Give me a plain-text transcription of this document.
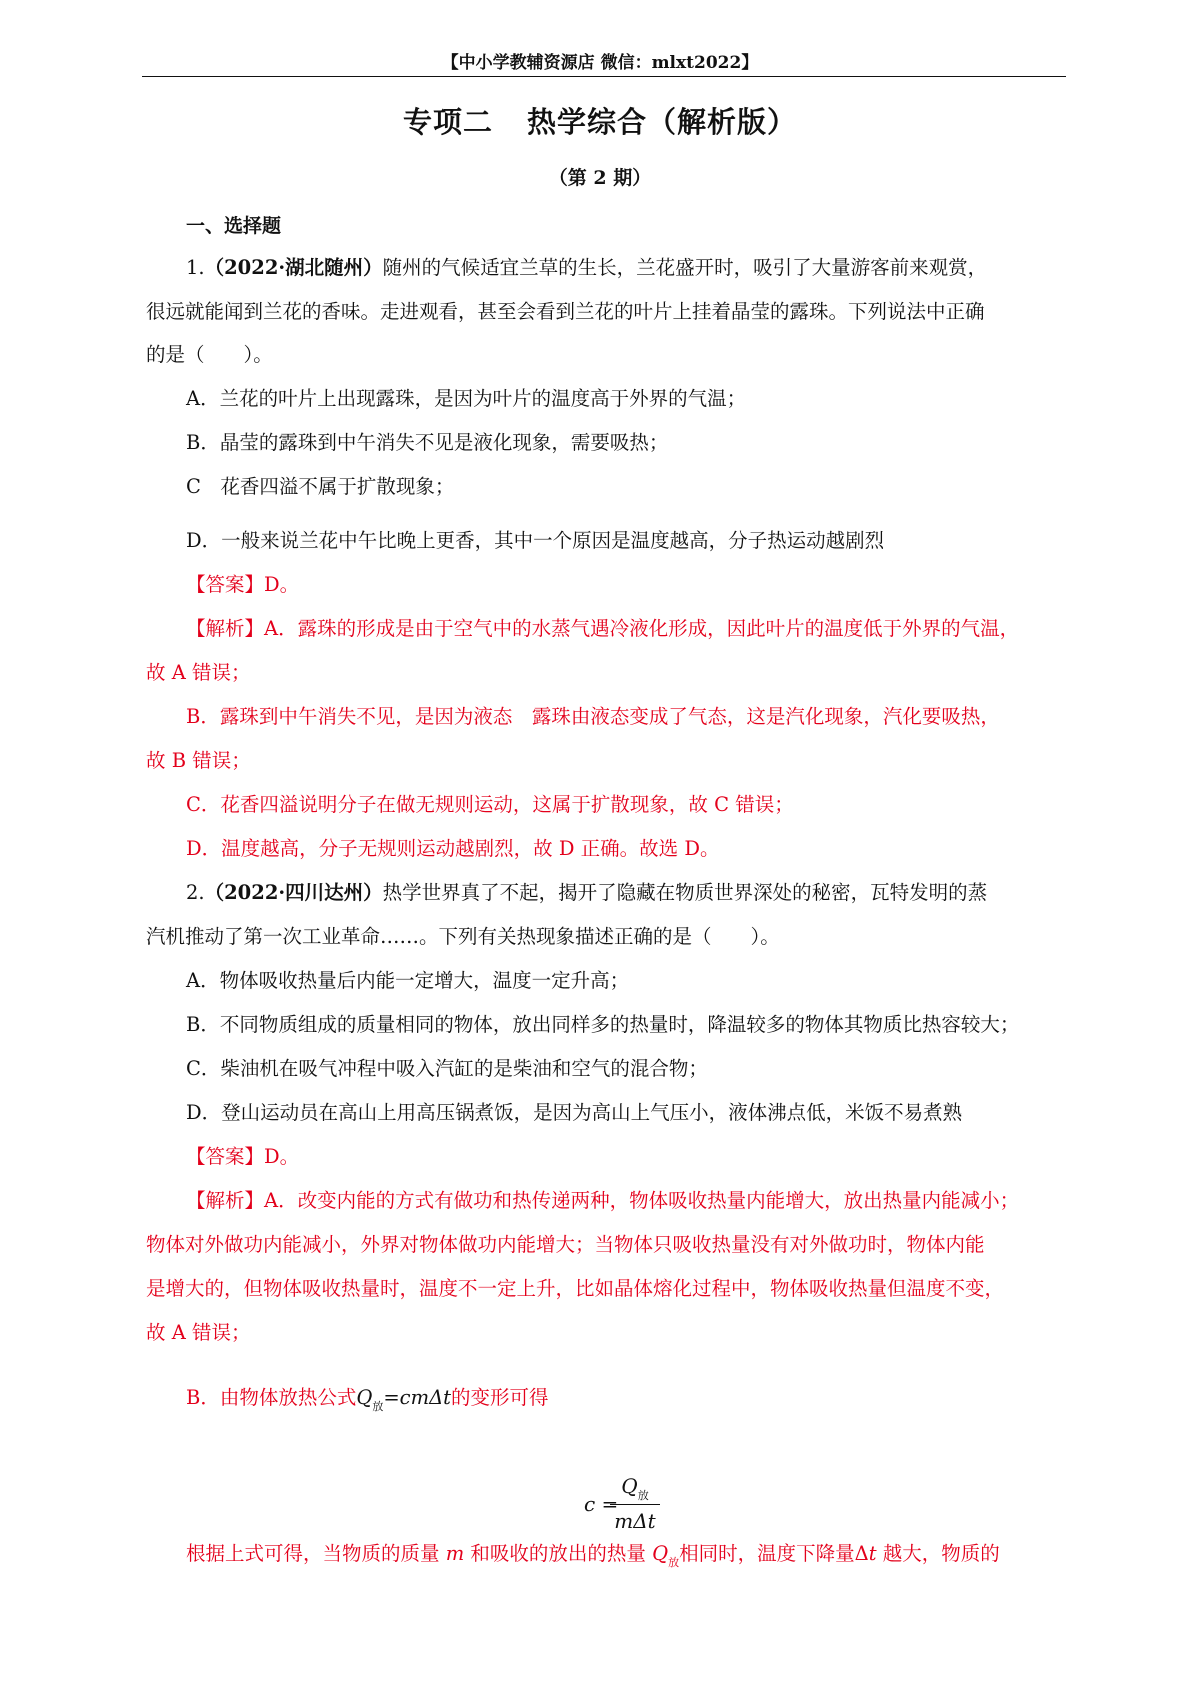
【中小学教辅资源店 微信：mlxt2022】
专项二 热学综合（解析版）
（第 2 期）
一、选择题
1.（2022·湖北随州）随州的气候适宜兰草的生长，兰花盛开时，吸引了大量游客前来观赏，
很远就能闻到兰花的香味。走进观看，甚至会看到兰花的叶片上挂着晶莹的露珠。下列说法中正确
的是（　　）。
A．兰花的叶片上出现露珠，是因为叶片的温度高于外界的气温；
B．晶莹的露珠到中午消失不见是液化现象，需要吸热；
C　花香四溢不属于扩散现象；
D．一般来说兰花中午比晚上更香，其中一个原因是温度越高，分子热运动越剧烈
【答案】D。
【解析】A．露珠的形成是由于空气中的水蒸气遇冷液化形成，因此叶片的温度低于外界的气温，
故 A 错误；
B．露珠到中午消失不见，是因为液态　露珠由液态变成了气态，这是汽化现象，汽化要吸热，
故 B 错误；
C．花香四溢说明分子在做无规则运动，这属于扩散现象，故 C 错误；
D．温度越高，分子无规则运动越剧烈，故 D 正确。故选 D。
2.（2022·四川达州）热学世界真了不起，揭开了隐藏在物质世界深处的秘密，瓦特发明的蒸
汽机推动了第一次工业革命……。下列有关热现象描述正确的是（　　）。
A．物体吸收热量后内能一定增大，温度一定升高；
B．不同物质组成的质量相同的物体，放出同样多的热量时，降温较多的物体其物质比热容较大；
C．柴油机在吸气冲程中吸入汽缸的是柴油和空气的混合物；
D．登山运动员在高山上用高压锅煮饭，是因为高山上气压小，液体沸点低，米饭不易煮熟
【答案】D。
【解析】A．改变内能的方式有做功和热传递两种，物体吸收热量内能增大，放出热量内能减小；
物体对外做功内能减小，外界对物体做功内能增大；当物体只吸收热量没有对外做功时，物体内能
是增大的，但物体吸收热量时，温度不一定上升，比如晶体熔化过程中，物体吸收热量但温度不变，
故 A 错误；
B．由物体放热公式$Q_放=cm\Delta t$的变形可得
c =
$Q_放$
mΔt
根据上式可得，当物质的质量 m 和吸收的放出的热量 $Q_放$相同时，温度下降量Δt 越大，物质的
